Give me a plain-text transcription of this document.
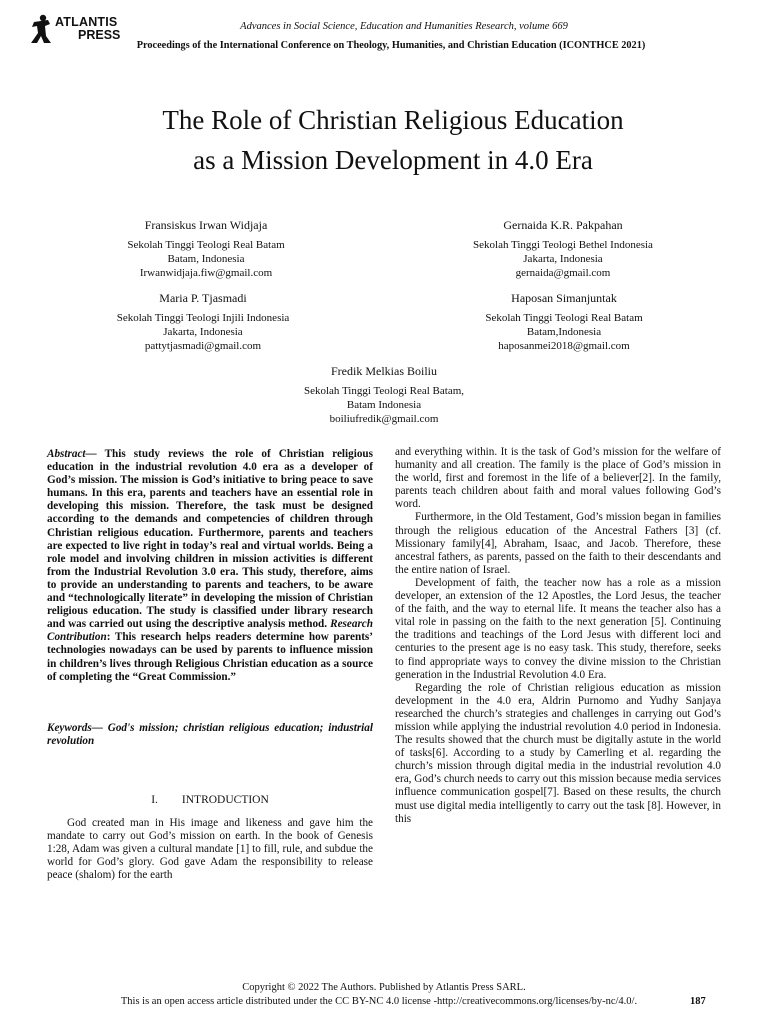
ATLANTIS
PRESS
Advances in Social Science, Education and Humanities Research, volume 669
Proceedings of the International Conference on Theology, Humanities, and Christian Education (ICONTHCE 2021)
The Role of Christian Religious Education
as a Mission Development in 4.0 Era
Fransiskus Irwan Widjaja
Sekolah Tinggi Teologi Real Batam
Batam, Indonesia
Irwanwidjaja.fiw@gmail.com
Gernaida K.R. Pakpahan
Sekolah Tinggi Teologi Bethel Indonesia
Jakarta, Indonesia
gernaida@gmail.com
Maria P. Tjasmadi
Sekolah Tinggi Teologi Injili Indonesia
Jakarta, Indonesia
pattytjasmadi@gmail.com
Haposan Simanjuntak
Sekolah Tinggi Teologi Real Batam
Batam,Indonesia
haposanmei2018@gmail.com
Fredik Melkias Boiliu
Sekolah Tinggi Teologi Real Batam,
Batam Indonesia
boiliufredik@gmail.com

Abstract— This study reviews the role of Christian religious education in the industrial revolution 4.0 era as a developer of God’s mission. The mission is God’s initiative to bring peace to save humans. In this era, parents and teachers have an essential role in developing this mission. Therefore, the task must be designed according to the demands and competencies of children through Christian religious education. Furthermore, parents and teachers are expected to live right in today’s real and virtual worlds. Being a role model and involving children in mission activities is different from the Industrial Revolution 3.0 era. This study, therefore, aims to provide an understanding to parents and teachers, to be aware and “technologically literate” in developing the mission of Christian religious education. The study is classified under library research and was carried out using the descriptive analysis method. Research Contribution: This research helps readers determine how parents’ technologies nowadays can be used by parents to influence mission in children’s lives through Religious Christian education as a source of completing the “Great Commission.”

Keywords— God's mission; christian religious education; industrial revolution

I. INTRODUCTION

God created man in His image and likeness and gave him the mandate to carry out God’s mission on earth. In the book of Genesis 1:28, Adam was given a cultural mandate [1] to fill, rule, and subdue the world for God’s glory. God gave Adam the responsibility to release peace (shalom) for the earth

and everything within. It is the task of God’s mission for the welfare of humanity and all creation. The family is the place of God’s mission in the world, first and foremost in the life of a believer[2]. In the family, parents teach children about faith and moral values following God’s word.

Furthermore, in the Old Testament, God’s mission began in families through the religious education of the Ancestral Fathers [3] (cf. Missionary family[4], Abraham, Isaac, and Jacob. Therefore, these ancestral fathers, as parents, passed on the faith to their descendants and the entire nation of Israel.

Development of faith, the teacher now has a role as a mission developer, an extension of the 12 Apostles, the Lord Jesus, the teacher of the faith, and the way to eternal life. It means the teacher also has a vital role in passing on the faith to the next generation [5]. Continuing the traditions and teachings of the Lord Jesus with different loci and centuries to the present age is no easy task. This study, therefore, seeks to find appropriate ways to convey the divine mission to the Christian generation in the Industrial Revolution 4.0 Era.

Regarding the role of Christian religious education as mission development in the 4.0 era, Aldrin Purnomo and Yudhy Sanjaya researched the church’s strategies and challenges in carrying out God’s mission while applying the industrial revolution 4.0 period in Indonesia. The results showed that the church must be digitally astute in the world of tasks[6]. According to a study by Camerling et al. regarding the church’s mission through digital media in the industrial revolution 4.0 era, God’s church needs to carry out this mission because media services influence communication gospel[7]. Based on these results, the church must use digital media intelligently to carry out the task [8]. However, in this

Copyright © 2022 The Authors. Published by Atlantis Press SARL.
This is an open access article distributed under the CC BY-NC 4.0 license -http://creativecommons.org/licenses/by-nc/4.0/.	187
